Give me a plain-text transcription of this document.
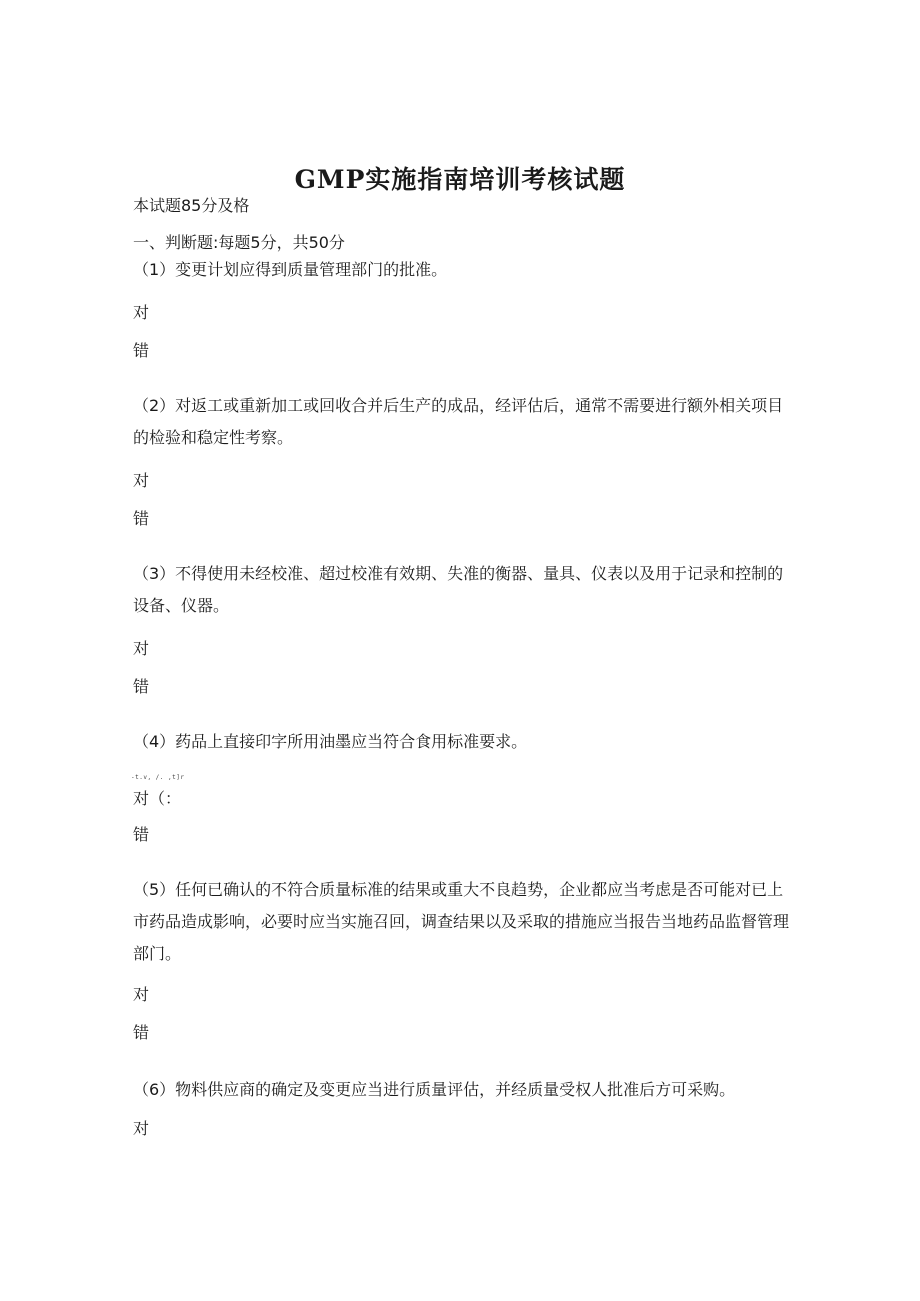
GMP实施指南培训考核试题
本试题85分及格
一、判断题:每题5分，共50分
（1）变更计划应得到质量管理部门的批准。
对
错
（2）对返工或重新加工或回收合并后生产的成品，经评估后，通常不需要进行额外相关项目的检验和稳定性考察。
对
错
（3）不得使用未经校准、超过校准有效期、失准的衡器、量具、仪表以及用于记录和控制的设备、仪器。
对
错
（4）药品上直接印字所用油墨应当符合食用标准要求。
-t.v, /. ,t]r
对（：
错
（5）任何已确认的不符合质量标准的结果或重大不良趋势，企业都应当考虑是否可能对已上市药品造成影响，必要时应当实施召回，调查结果以及采取的措施应当报告当地药品监督管理部门。
对
错
（6）物料供应商的确定及变更应当进行质量评估，并经质量受权人批准后方可采购。
对
